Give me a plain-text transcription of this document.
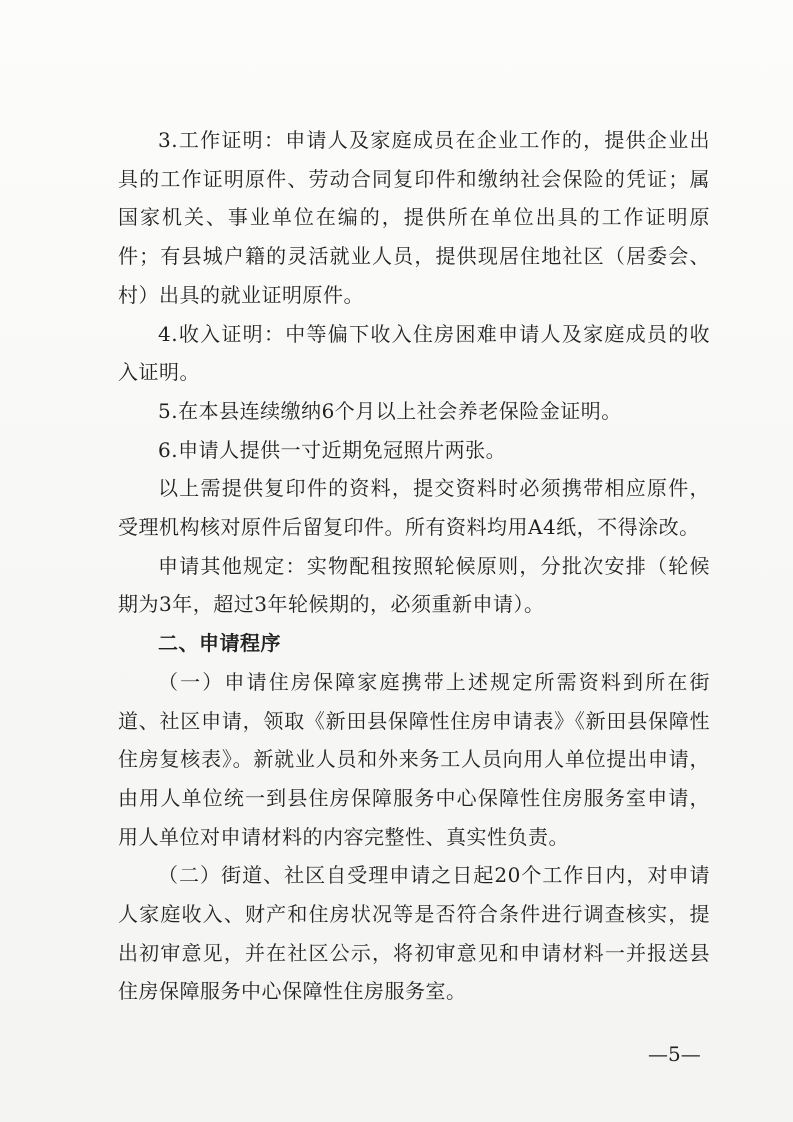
3.工作证明：申请人及家庭成员在企业工作的，提供企业出具的工作证明原件、劳动合同复印件和缴纳社会保险的凭证；属国家机关、事业单位在编的，提供所在单位出具的工作证明原件；有县城户籍的灵活就业人员，提供现居住地社区（居委会、村）出具的就业证明原件。

4.收入证明：中等偏下收入住房困难申请人及家庭成员的收入证明。

5.在本县连续缴纳6个月以上社会养老保险金证明。

6.申请人提供一寸近期免冠照片两张。

以上需提供复印件的资料，提交资料时必须携带相应原件，受理机构核对原件后留复印件。所有资料均用A4纸，不得涂改。

申请其他规定：实物配租按照轮候原则，分批次安排（轮候期为3年，超过3年轮候期的，必须重新申请）。

二、申请程序

（一）申请住房保障家庭携带上述规定所需资料到所在街道、社区申请，领取《新田县保障性住房申请表》《新田县保障性住房复核表》。新就业人员和外来务工人员向用人单位提出申请，由用人单位统一到县住房保障服务中心保障性住房服务室申请，用人单位对申请材料的内容完整性、真实性负责。

（二）街道、社区自受理申请之日起20个工作日内，对申请人家庭收入、财产和住房状况等是否符合条件进行调查核实，提出初审意见，并在社区公示，将初审意见和申请材料一并报送县住房保障服务中心保障性住房服务室。

—5—
